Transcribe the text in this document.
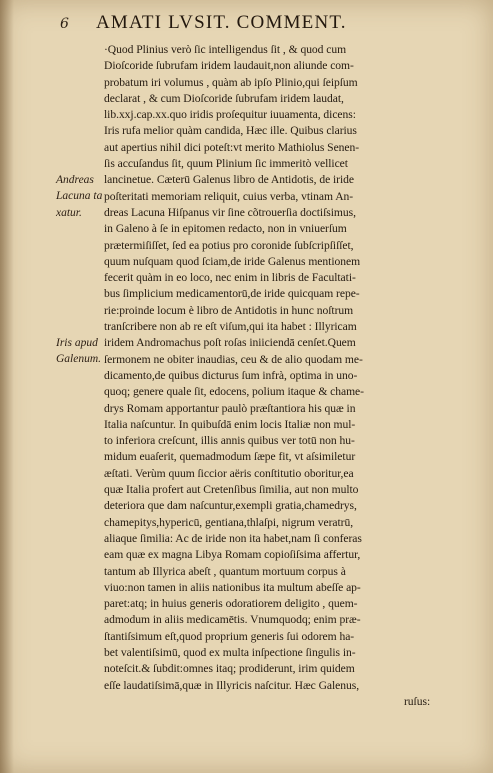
6 AMATI LVSIT. COMMENT.
Andreas
Lacuna ta
xatur.
Iris apud
Galenum.
·Quod Plinius verò ſic intelligendus ſit , & quod cum
Dioſcoride ſubrufam iridem laudauit,non aliunde com-
probatum iri volumus , quàm ab ipſo Plinio,qui ſeipſum
declarat , & cum Dioſcoride ſubrufam iridem laudat,
lib.xxj.cap.xx.quo iridis proſequitur iuuamenta, dicens:
Iris rufa melior quàm candida, Hæc ille. Quibus clarius
aut apertius nihil dici poteſt:vt merito Mathiolus Senen-
ſis accuſandus ſit, quum Plinium ſic immeritò vellicet
lancinetue. Cæterū Galenus libro de Antidotis, de iride
poſteritati memoriam reliquit, cuius verba, vtinam An-
dreas Lacuna Hiſpanus vir ſine cõtrouerſia doctiſsimus,
in Galeno à ſe in epitomen redacto, non in vniuerſum
prætermiſiſſet, ſed ea potius pro coronide ſubſcripſiſſet,
quum nuſquam quod ſciam,de iride Galenus mentionem
fecerit quàm in eo loco, nec enim in libris de Facultati-
bus ſimplicium medicamentorū,de iride quicquam repe-
rie:proinde locum è libro de Antidotis in hunc noſtrum
tranſcribere non ab re eſt viſum,qui ita habet : Illyricam
iridem Andromachus poſt roſas iniiciendā cenſet.Quem
ſermonem ne obiter inaudias, ceu & de alio quodam me-
dicamento,de quibus dicturus ſum infrà, optima in uno-
quoq; genere quale ſit, edocens, polium itaque & chame-
drys Romam apportantur paulò præſtantiora his quæ in
Italia naſcuntur. In quibuſdā enim locis Italiæ non mul-
to inferiora creſcunt, illis annis quibus ver totū non hu-
midum euaſerit, quemadmodum ſæpe fit, vt aſsimiletur
æſtati. Verùm quum ſiccior aëris conſtitutio oboritur,ea
quæ Italia profert aut Cretenſibus ſimilia, aut non multo
deteriora que dam naſcuntur,exempli gratia,chamedrys,
chamepitys,hypericū, gentiana,thlaſpi, nigrum veratrū,
aliaque ſimilia: Ac de iride non ita habet,nam ſi conferas
eam quæ ex magna Libya Romam copioſiſsima affertur,
tantum ab Illyrica abeſt , quantum mortuum corpus à
viuo:non tamen in aliis nationibus ita multum abeſſe ap-
paret:atq; in huius generis odoratiorem deligito , quem-
admodum in aliis medicamētis. Vnumquodq; enim præ-
ſtantiſsimum eſt,quod proprium generis ſui odorem ha-
bet valentiſsimū, quod ex multa inſpectione ſingulis in-
noteſcit.& ſubdit:omnes itaq; prodiderunt, irim quidem
eſſe laudatiſsimā,quæ in Illyricis naſcitur. Hæc Galenus,
ruſus:
